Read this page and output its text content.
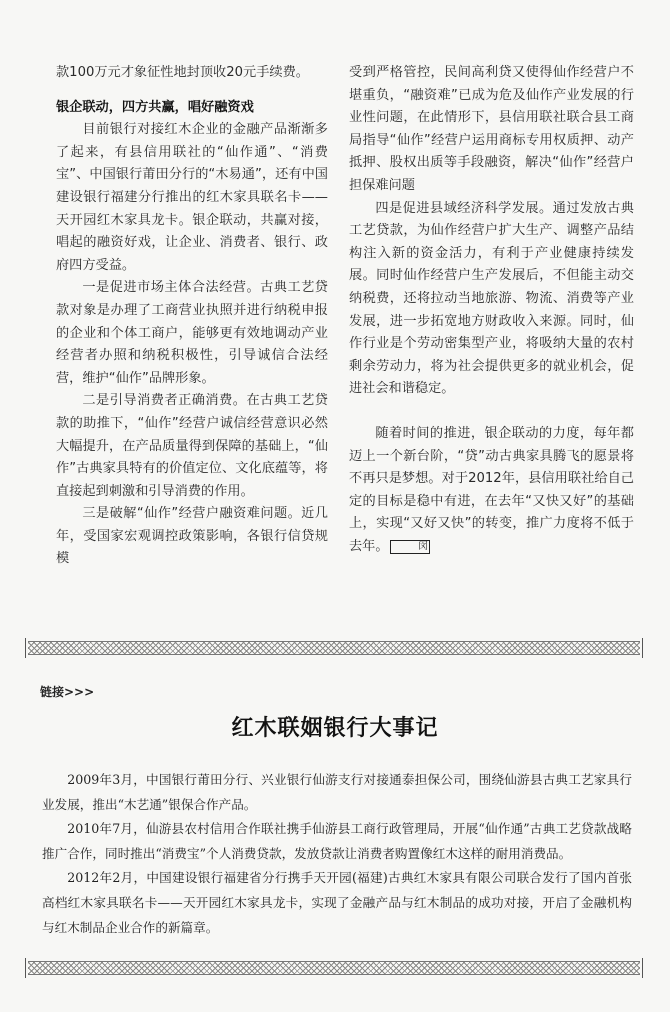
款100万元才象征性地封顶收20元手续费。

银企联动，四方共赢，唱好融资戏

目前银行对接红木企业的金融产品渐渐多了起来，有县信用联社的“仙作通”、“消费宝”、中国银行莆田分行的“木易通”，还有中国建设银行福建分行推出的红木家具联名卡——天开园红木家具龙卡。银企联动，共赢对接，唱起的融资好戏，让企业、消费者、银行、政府四方受益。

一是促进市场主体合法经营。古典工艺贷款对象是办理了工商营业执照并进行纳税申报的企业和个体工商户，能够更有效地调动产业经营者办照和纳税积极性，引导诚信合法经营，维护“仙作”品牌形象。

二是引导消费者正确消费。在古典工艺贷款的助推下，“仙作”经营户诚信经营意识必然大幅提升，在产品质量得到保障的基础上，“仙作”古典家具特有的价值定位、文化底蕴等，将直接起到刺激和引导消费的作用。

三是破解“仙作”经营户融资难问题。近几年，受国家宏观调控政策影响，各银行信贷规模

受到严格管控，民间高利贷又使得仙作经营户不堪重负，“融资难”已成为危及仙作产业发展的行业性问题，在此情形下，县信用联社联合县工商局指导“仙作”经营户运用商标专用权质押、动产抵押、股权出质等手段融资，解决“仙作”经营户担保难问题

四是促进县域经济科学发展。通过发放古典工艺贷款，为仙作经营户扩大生产、调整产品结构注入新的资金活力，有利于产业健康持续发展。同时仙作经营户生产发展后，不但能主动交纳税费，还将拉动当地旅游、物流、消费等产业发展，进一步拓宽地方财政收入来源。同时，仙作行业是个劳动密集型产业，将吸纳大量的农村剩余劳动力，将为社会提供更多的就业机会，促进社会和谐稳定。

随着时间的推进，银企联动的力度，每年都迈上一个新台阶，“贷”动古典家具腾飞的愿景将不再只是梦想。对于2012年，县信用联社给自己定的目标是稳中有进，在去年“又快又好”的基础上，实现“又好又快”的转变，推广力度将不低于去年。	闵

链接>>>
红木联姻银行大事记

2009年3月，中国银行莆田分行、兴业银行仙游支行对接通泰担保公司，围绕仙游县古典工艺家具行业发展，推出“木艺通”银保合作产品。

2010年7月，仙游县农村信用合作联社携手仙游县工商行政管理局，开展“仙作通”古典工艺贷款战略推广合作，同时推出“消费宝”个人消费贷款，发放贷款让消费者购置像红木这样的耐用消费品。

2012年2月，中国建设银行福建省分行携手天开园(福建)古典红木家具有限公司联合发行了国内首张高档红木家具联名卡——天开园红木家具龙卡，实现了金融产品与红木制品的成功对接，开启了金融机构与红木制品企业合作的新篇章。
